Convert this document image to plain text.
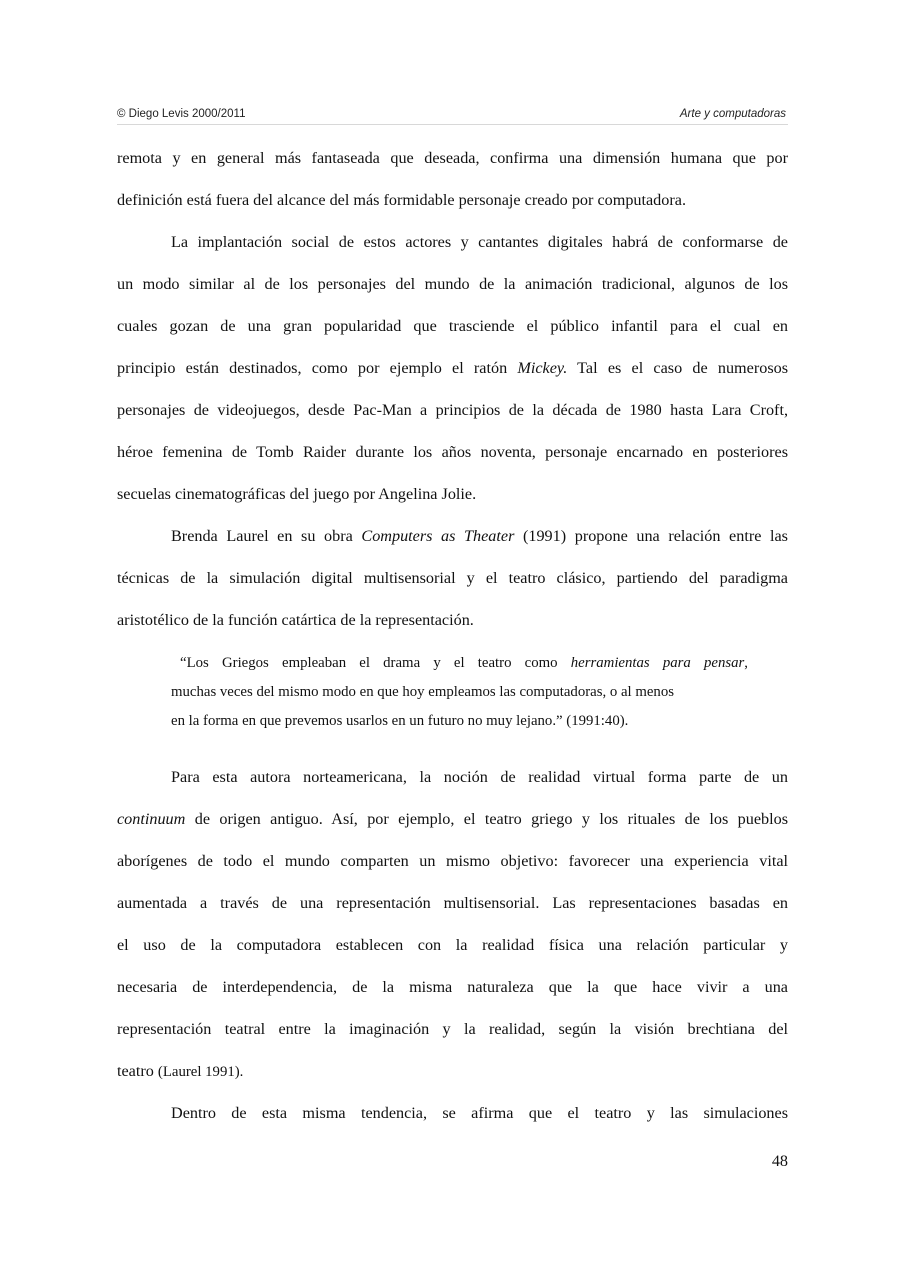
© Diego Levis 2000/2011	Arte y computadoras
remota y en general más fantaseada que deseada, confirma una dimensión humana que por
definición está fuera del alcance del más formidable personaje creado por computadora.
La implantación social de estos actores y cantantes digitales habrá de conformarse de
un modo similar al de los personajes del mundo de la animación tradicional, algunos de los
cuales gozan de una gran popularidad que trasciende el público infantil para el cual en
principio están destinados, como por ejemplo el ratón Mickey. Tal es el caso de numerosos
personajes de videojuegos, desde Pac-Man a principios de la década de 1980 hasta Lara Croft,
héroe femenina de Tomb Raider durante los años noventa, personaje encarnado en posteriores
secuelas cinematográficas del juego por Angelina Jolie.
Brenda Laurel en su obra Computers as Theater (1991) propone una relación entre las
técnicas de la simulación digital multisensorial y el teatro clásico, partiendo del paradigma
aristotélico de la función catártica de la representación.
“Los Griegos empleaban el drama y el teatro como herramientas para pensar,
muchas veces del mismo modo en que hoy empleamos las computadoras, o al menos
en la forma en que prevemos usarlos en un futuro no muy lejano.” (1991:40).
Para esta autora norteamericana, la noción de realidad virtual forma parte de un
continuum de origen antiguo. Así, por ejemplo, el teatro griego y los rituales de los pueblos
aborígenes de todo el mundo comparten un mismo objetivo: favorecer una experiencia vital
aumentada a través de una representación multisensorial. Las representaciones basadas en
el uso de la computadora establecen con la realidad física una relación particular y
necesaria de interdependencia, de la misma naturaleza que la que hace vivir a una
representación teatral entre la imaginación y la realidad, según la visión brechtiana del
teatro (Laurel 1991).
Dentro de esta misma tendencia, se afirma que el teatro y las simulaciones
48
